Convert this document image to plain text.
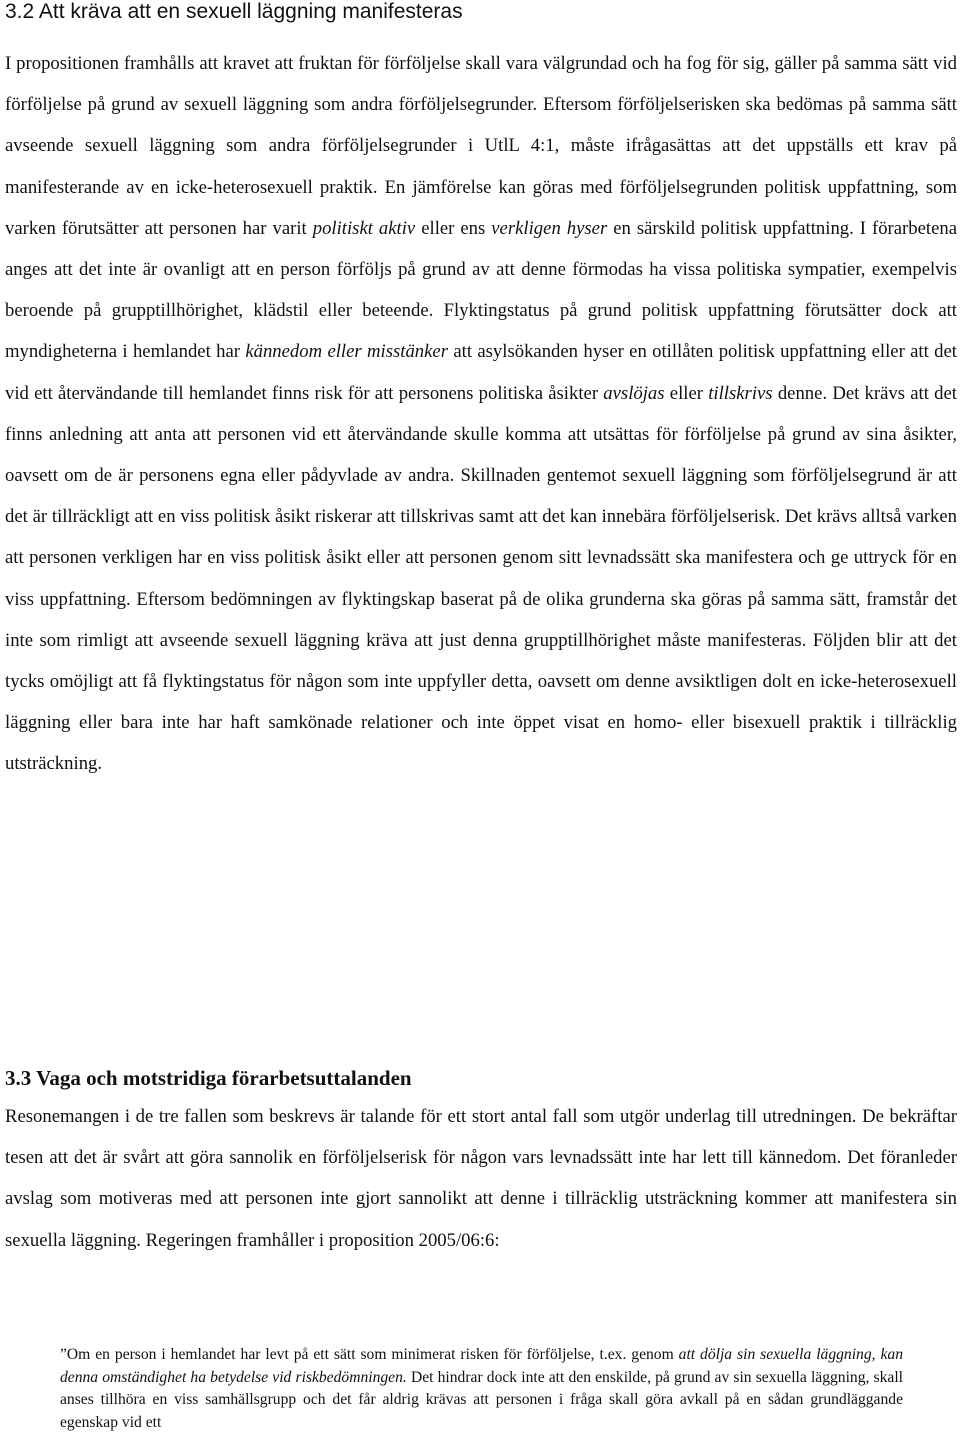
3.2 Att kräva att en sexuell läggning manifesteras

I propositionen framhålls att kravet att fruktan för förföljelse skall vara välgrundad och ha fog för sig, gäller på samma sätt vid förföljelse på grund av sexuell läggning som andra förföljelsegrunder. Eftersom förföljelserisken ska bedömas på samma sätt avseende sexuell läggning som andra förföljelsegrunder i UtlL 4:1, måste ifrågasättas att det uppställs ett krav på manifesterande av en icke-heterosexuell praktik. En jämförelse kan göras med förföljelsegrunden politisk uppfattning, som varken förutsätter att personen har varit politiskt aktiv eller ens verkligen hyser en särskild politisk uppfattning. I förarbetena anges att det inte är ovanligt att en person förföljs på grund av att denne förmodas ha vissa politiska sympatier, exempelvis beroende på grupptillhörighet, klädstil eller beteende. Flyktingstatus på grund politisk uppfattning förutsätter dock att myndigheterna i hemlandet har kännedom eller misstänker att asylsökanden hyser en otillåten politisk uppfattning eller att det vid ett återvändande till hemlandet finns risk för att personens politiska åsikter avslöjas eller tillskrivs denne. Det krävs att det finns anledning att anta att personen vid ett återvändande skulle komma att utsättas för förföljelse på grund av sina åsikter, oavsett om de är personens egna eller pådyvlade av andra. Skillnaden gentemot sexuell läggning som förföljelsegrund är att det är tillräckligt att en viss politisk åsikt riskerar att tillskrivas samt att det kan innebära förföljelserisk. Det krävs alltså varken att personen verkligen har en viss politisk åsikt eller att personen genom sitt levnadssätt ska manifestera och ge uttryck för en viss uppfattning. Eftersom bedömningen av flyktingskap baserat på de olika grunderna ska göras på samma sätt, framstår det inte som rimligt att avseende sexuell läggning kräva att just denna grupptillhörighet måste manifesteras. Följden blir att det tycks omöjligt att få flyktingstatus för någon som inte uppfyller detta, oavsett om denne avsiktligen dolt en icke-heterosexuell läggning eller bara inte har haft samkönade relationer och inte öppet visat en homo- eller bisexuell praktik i tillräcklig utsträckning.

3.3 Vaga och motstridiga förarbetsuttalanden

Resonemangen i de tre fallen som beskrevs är talande för ett stort antal fall som utgör underlag till utredningen. De bekräftar tesen att det är svårt att göra sannolik en förföljelserisk för någon vars levnadssätt inte har lett till kännedom. Det föranleder avslag som motiveras med att personen inte gjort sannolikt att denne i tillräcklig utsträckning kommer att manifestera sin sexuella läggning. Regeringen framhåller i proposition 2005/06:6:

”Om en person i hemlandet har levt på ett sätt som minimerat risken för förföljelse, t.ex. genom att dölja sin sexuella läggning, kan denna omständighet ha betydelse vid riskbedömningen. Det hindrar dock inte att den enskilde, på grund av sin sexuella läggning, skall anses tillhöra en viss samhällsgrupp och det får aldrig krävas att personen i fråga skall göra avkall på en sådan grundläggande egenskap vid ett
